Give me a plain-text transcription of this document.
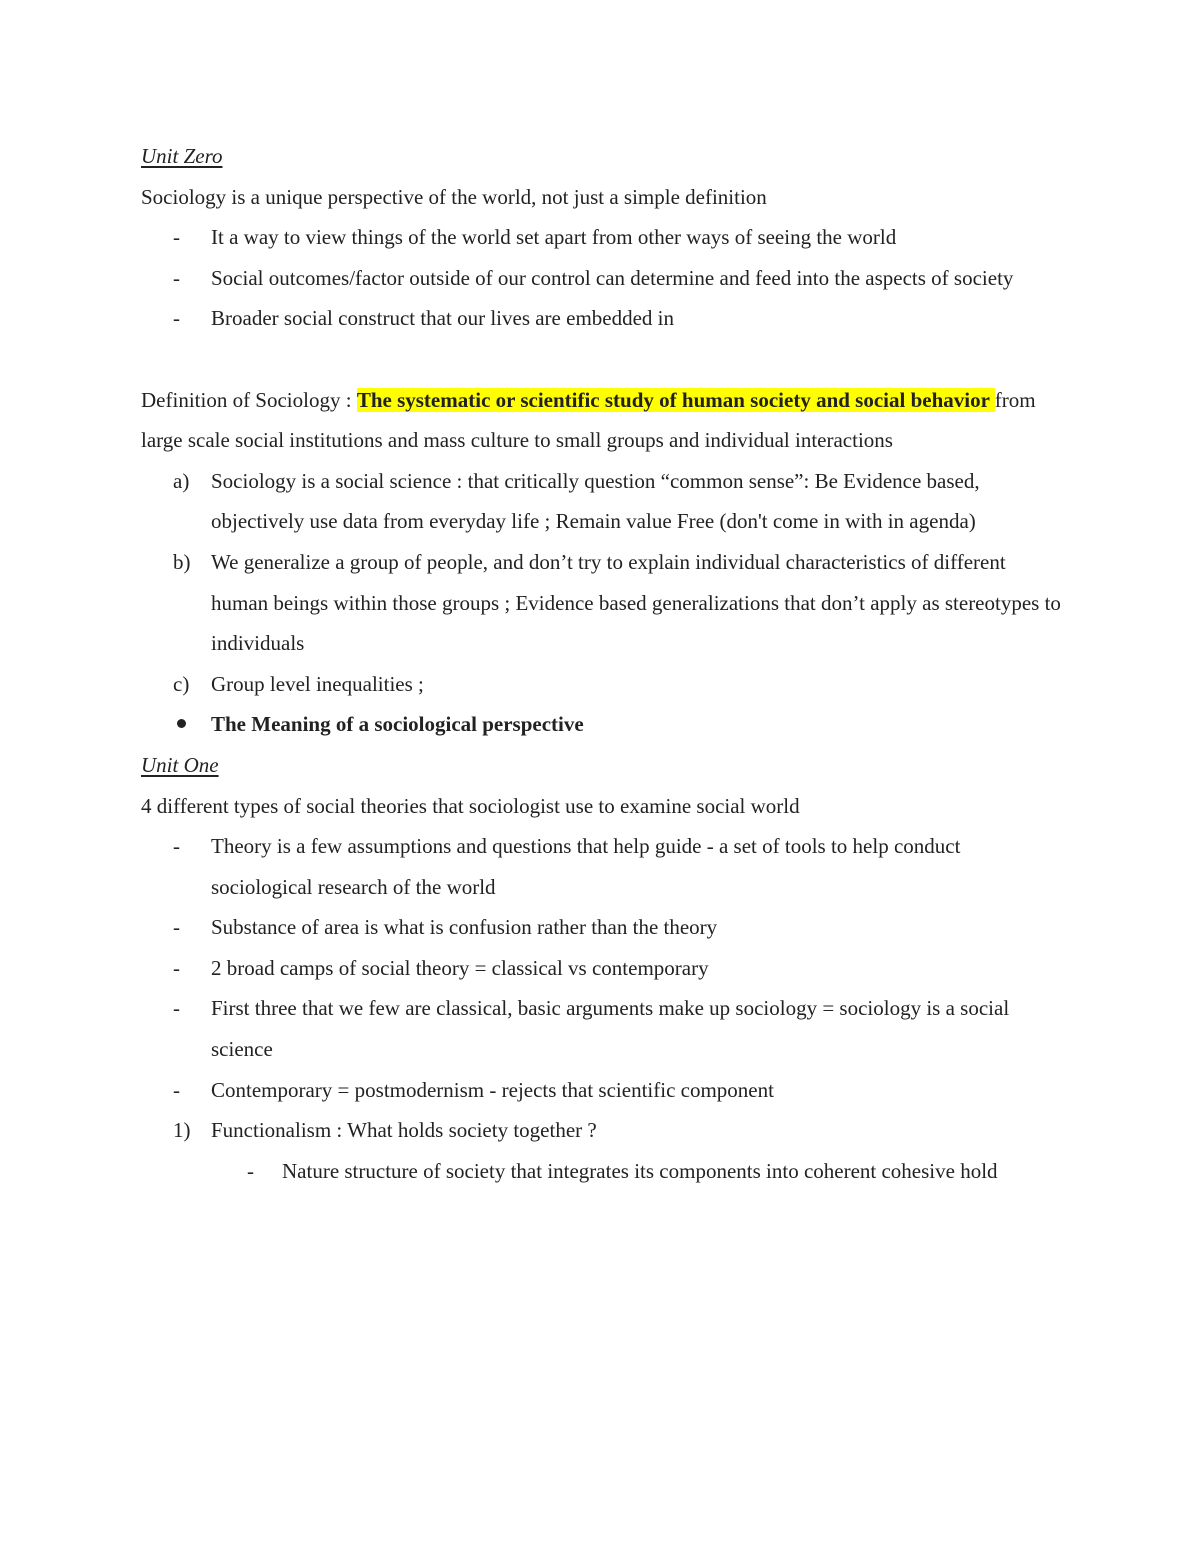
Unit Zero

Sociology is a unique perspective of the world, not just a simple definition

- It a way to view things of the world set apart from other ways of seeing the world
- Social outcomes/factor outside of our control can determine and feed into the aspects of society
- Broader social construct that our lives are embedded in

Definition of Sociology : The systematic or scientific study of human society and social behavior from large scale social institutions and mass culture to small groups and individual interactions

a) Sociology is a social science : that critically question “common sense”: Be Evidence based, objectively use data from everyday life ; Remain value Free (don't come in with in agenda)
b) We generalize a group of people, and don’t try to explain individual characteristics of different human beings within those groups ; Evidence based generalizations that don’t apply as stereotypes to individuals
c) Group level inequalities ;
The Meaning of a sociological perspective

Unit One

4 different types of social theories that sociologist use to examine social world

- Theory is a few assumptions and questions that help guide - a set of tools to help conduct sociological research of the world
- Substance of area is what is confusion rather than the theory
- 2 broad camps of social theory = classical vs contemporary
- First three that we few are classical, basic arguments make up sociology = sociology is a social science
- Contemporary = postmodernism - rejects that scientific component
1) Functionalism : What holds society together ?
- Nature structure of society that integrates its components into coherent cohesive hold
